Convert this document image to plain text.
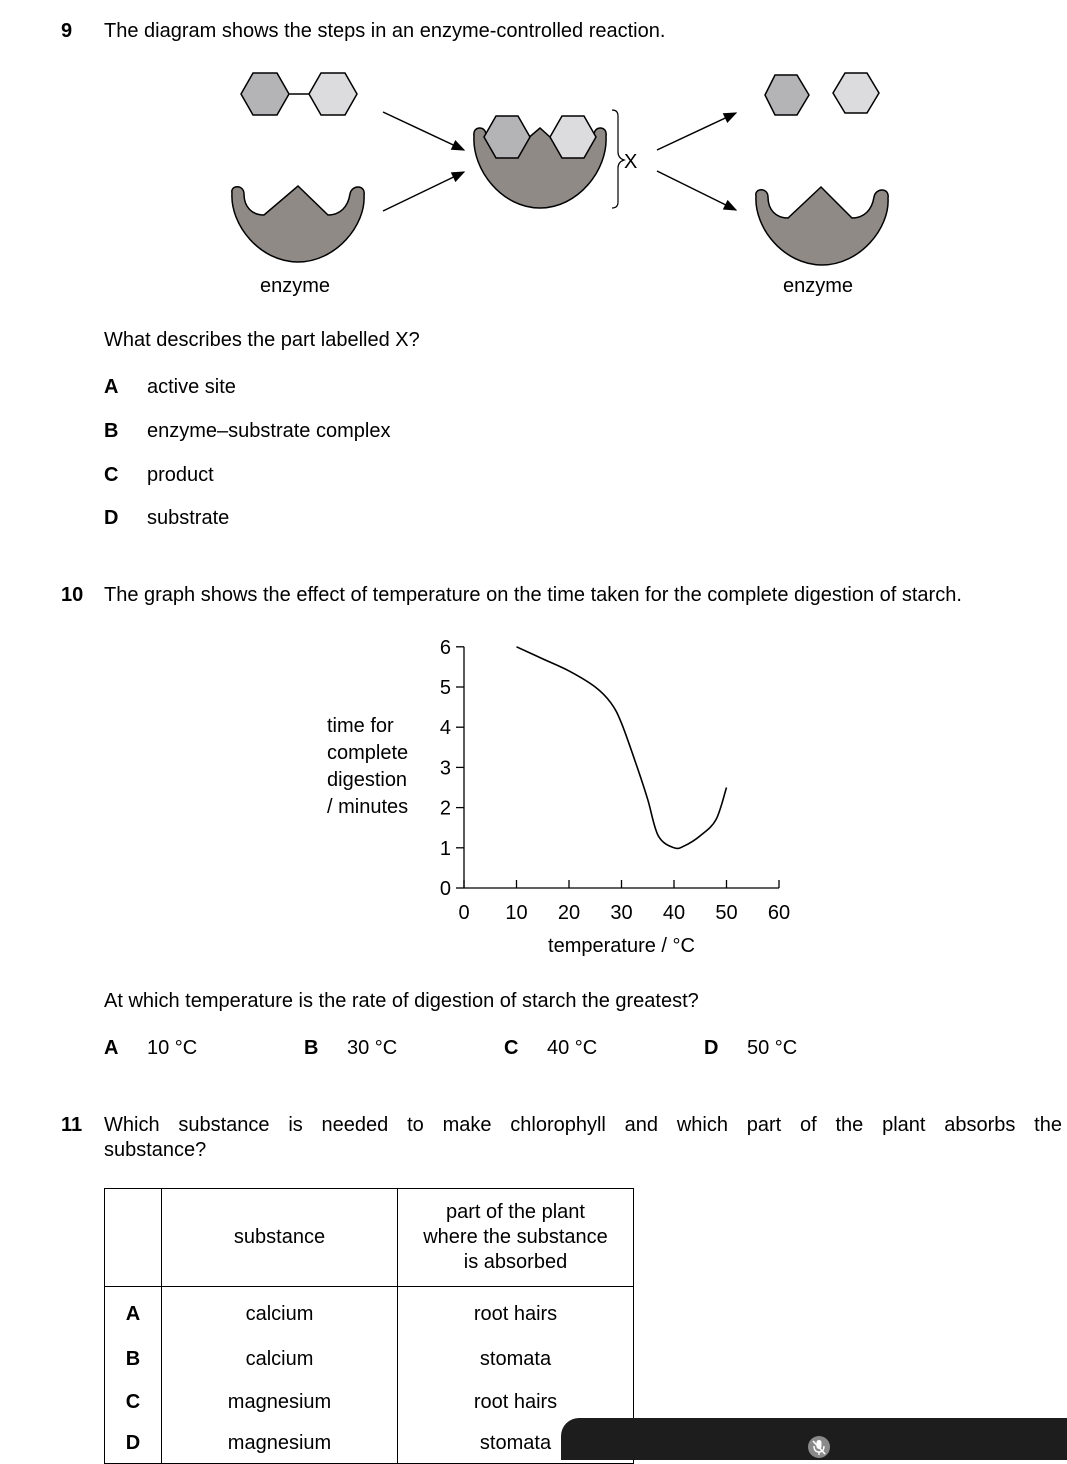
9 The diagram shows the steps in an enzyme-controlled reaction.
X
enzyme	enzyme
What describes the part labelled X?
A active site
B enzyme–substrate complex
C product
D substrate
10 The graph shows the effect of temperature on the time taken for the complete digestion of starch.
0 10 20 30 40 50 60
0
1
2
3
4
5
6
temperature / °C
time for
complete
digestion
/ minutes
At which temperature is the rate of digestion of starch the greatest?
A 10 °C	B 30 °C	C 40 °C	D 50 °C
11 Which substance is needed to make chlorophyll and which part of the plant absorbs the
substance?
	substance	part of the plant
where the substance
is absorbed

A	calcium	root hairs
B	calcium	stomata
C	magnesium	root hairs
D	magnesium	stomata
